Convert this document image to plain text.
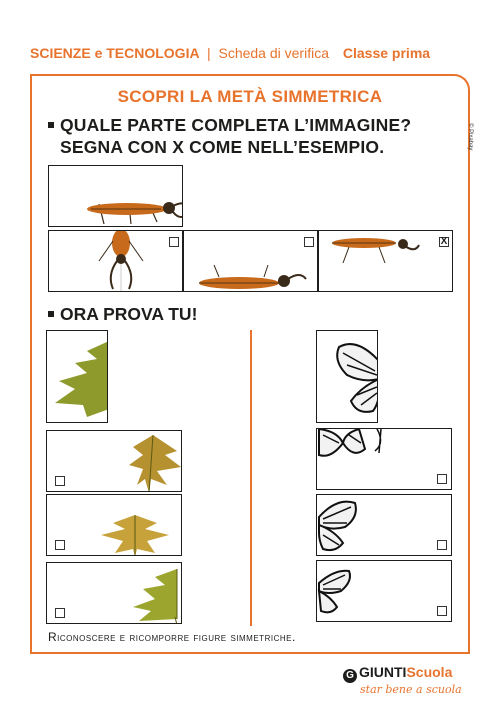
SCIENZE e TECNOLOGIA | Scheda di verifica Classe prima
© Pixabay
SCOPRI LA METÀ SIMMETRICA
QUALE PARTE COMPLETA L’IMMAGINE?
SEGNA CON X COME NELL’ESEMPIO.
X
ORA PROVA TU!
Riconoscere e ricomporre figure simmetriche.
G GIUNTIScuola
star bene a scuola
